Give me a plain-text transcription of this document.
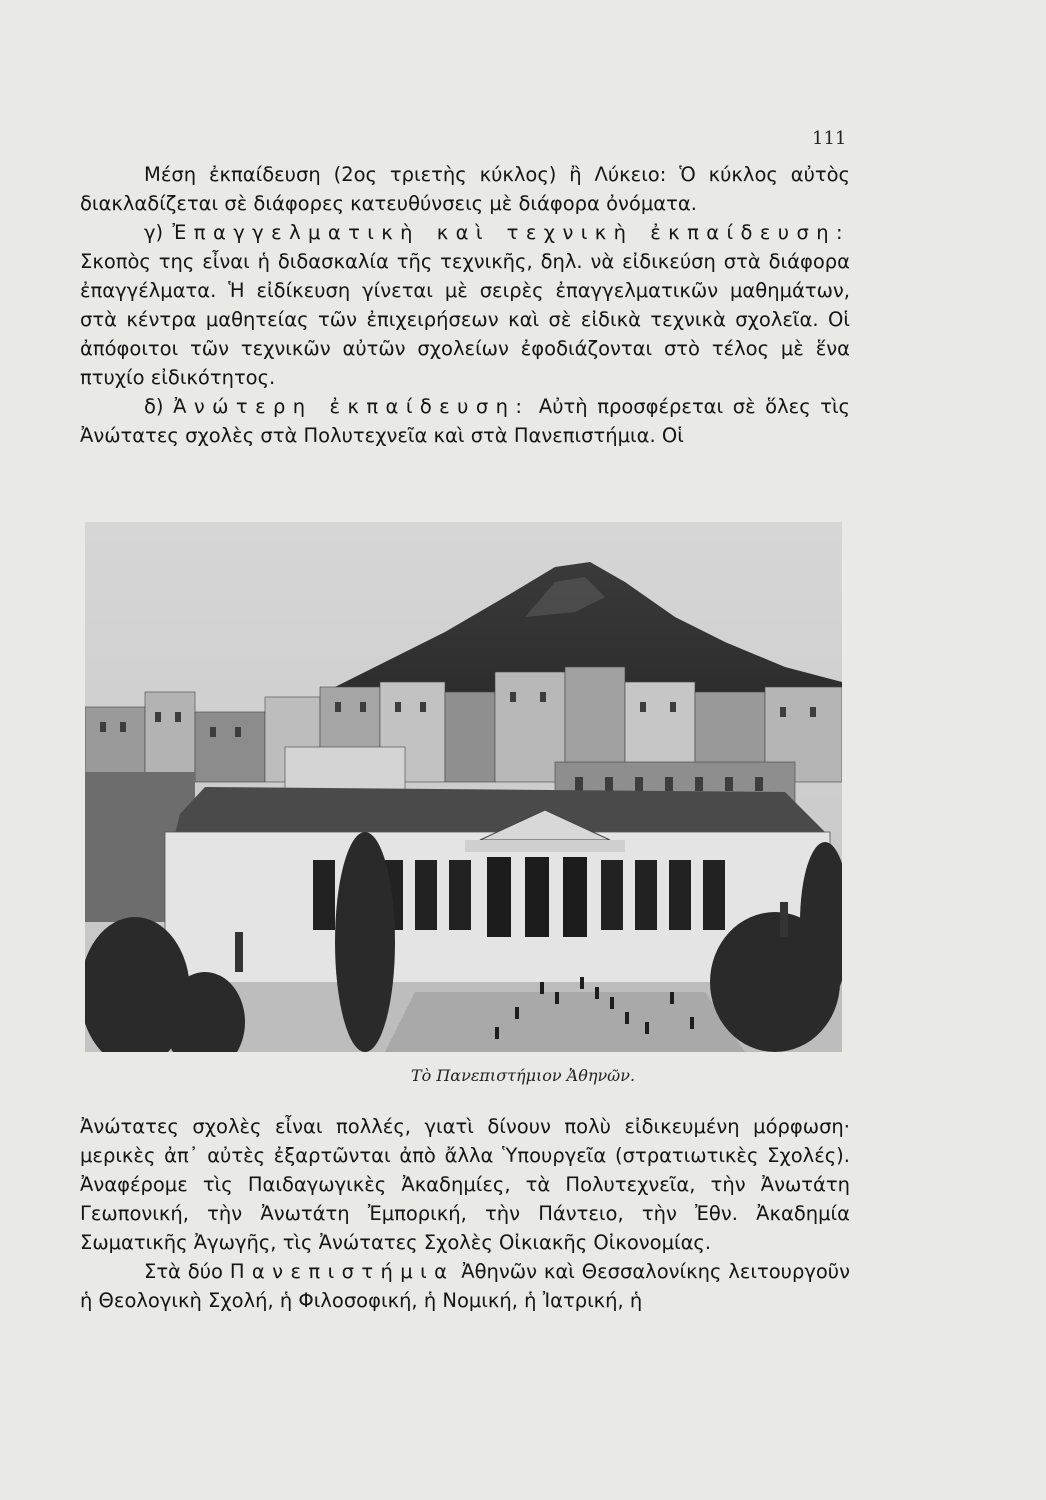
111

Μέση ἐκπαίδευση (2ος τριετὴς κύκλος) ἢ Λύκειο: Ὁ κύκλος αὐτὸς διακλαδίζεται σὲ διάφορες κατευθύνσεις μὲ διάφορα ὀνόματα.

γ) Ἐπαγγελματικὴ καὶ τεχνικὴ ἐκπαίδευση: Σκοπὸς της εἶναι ἡ διδασκαλία τῆς τεχνικῆς, δηλ. νὰ εἰδικεύση στὰ διάφορα ἐπαγγέλματα. Ἡ εἰδίκευση γίνεται μὲ σειρὲς ἐπαγγελματικῶν μαθημάτων, στὰ κέντρα μαθητείας τῶν ἐπιχειρήσεων καὶ σὲ εἰδικὰ τεχνικὰ σχολεῖα. Οἱ ἀπόφοιτοι τῶν τεχνικῶν αὐτῶν σχολείων ἐφοδιάζονται στὸ τέλος μὲ ἕνα πτυχίο εἰδικότητος.

δ) Ἀνώτερη ἐκπαίδευση: Αὐτὴ προσφέρεται σὲ ὅλες τὶς Ἀνώτατες σχολὲς στὰ Πολυτεχνεῖα καὶ στὰ Πανεπιστήμια. Οἱ

Τὸ Πανεπιστήμιον Ἀθηνῶν.

Ἀνώτατες σχολὲς εἶναι πολλές, γιατὶ δίνουν πολὺ εἰδικευμένη μόρφωση· μερικὲς ἀπ᾿ αὐτὲς ἐξαρτῶνται ἀπὸ ἄλλα Ὑπουργεῖα (στρατιωτικὲς Σχολές). Ἀναφέρομε τὶς Παιδαγωγικὲς Ἀκαδημίες, τὰ Πολυτεχνεῖα, τὴν Ἀνωτάτη Γεωπονική, τὴν Ἀνωτάτη Ἐμπορική, τὴν Πάντειο, τὴν Ἐθν. Ἀκαδημία Σωματικῆς Ἀγωγῆς, τὶς Ἀνώτατες Σχολὲς Οἰκιακῆς Οἰκονομίας.

Στὰ δύο Πανεπιστήμια Ἀθηνῶν καὶ Θεσσαλονίκης λειτουργοῦν ἡ Θεολογικὴ Σχολή, ἡ Φιλοσοφική, ἡ Νομική, ἡ Ἰατρική, ἡ
